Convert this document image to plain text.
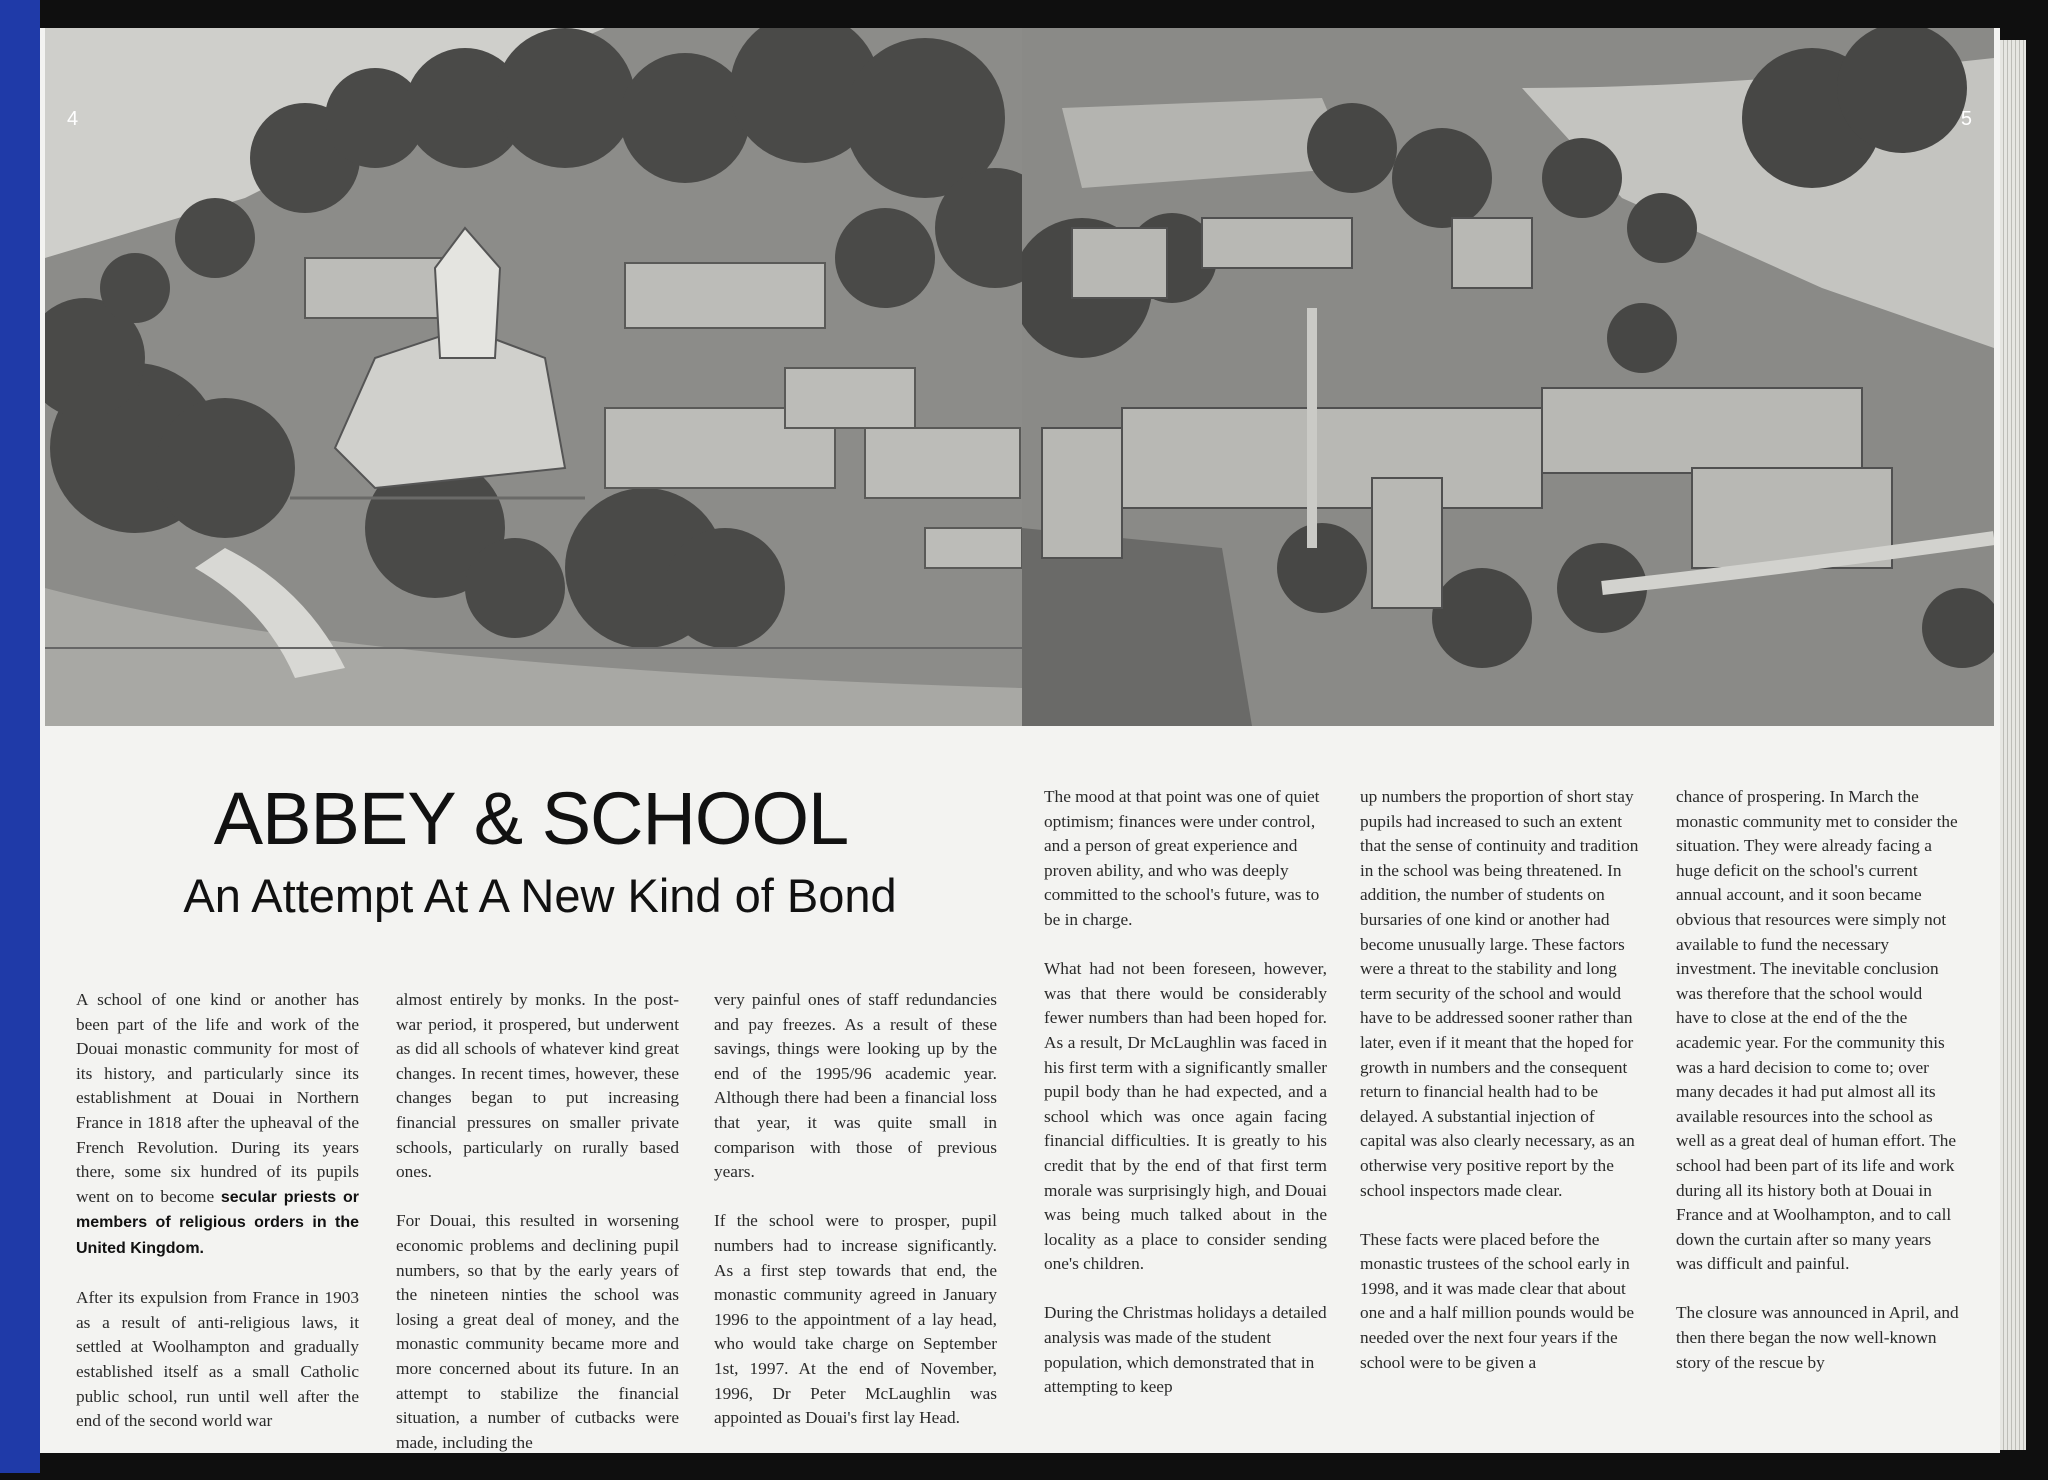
4
ABBEY & SCHOOL
An Attempt At A New Kind of Bond

A school of one kind or another has been part of the life and work of the Douai monastic community for most of its history, and particularly since its establishment at Douai in Northern France in 1818 after the upheaval of the French Revolution. During its years there, some six hundred of its pupils went on to become secular priests or members of religious orders in the United Kingdom.

After its expulsion from France in 1903 as a result of anti-religious laws, it settled at Woolhampton and gradually established itself as a small Catholic public school, run until well after the end of the second world war

almost entirely by monks. In the post-war period, it prospered, but underwent as did all schools of whatever kind great changes. In recent times, however, these changes began to put increasing financial pressures on smaller private schools, particularly on rurally based ones.

For Douai, this resulted in worsening economic problems and declining pupil numbers, so that by the early years of the nineteen ninties the school was losing a great deal of money, and the monastic community became more and more concerned about its future. In an attempt to stabilize the financial situation, a number of cutbacks were made, including the

very painful ones of staff redundancies and pay freezes. As a result of these savings, things were looking up by the end of the 1995/96 academic year. Although there had been a financial loss that year, it was quite small in comparison with those of previous years.

If the school were to prosper, pupil numbers had to increase significantly. As a first step towards that end, the monastic community agreed in January 1996 to the appointment of a lay head, who would take charge on September 1st, 1997. At the end of November, 1996, Dr Peter McLaughlin was appointed as Douai's first lay Head.

5

The mood at that point was one of quiet optimism; finances were under control, and a person of great experience and proven ability, and who was deeply committed to the school's future, was to be in charge.

What had not been foreseen, however, was that there would be considerably fewer numbers than had been hoped for. As a result, Dr McLaughlin was faced in his first term with a significantly smaller pupil body than he had expected, and a school which was once again facing financial difficulties. It is greatly to his credit that by the end of that first term morale was surprisingly high, and Douai was being much talked about in the locality as a place to consider sending one's children.

During the Christmas holidays a detailed analysis was made of the student population, which demonstrated that in attempting to keep

up numbers the proportion of short stay pupils had increased to such an extent that the sense of continuity and tradition in the school was being threatened. In addition, the number of students on bursaries of one kind or another had become unusually large. These factors were a threat to the stability and long term security of the school and would have to be addressed sooner rather than later, even if it meant that the hoped for growth in numbers and the consequent return to financial health had to be delayed. A substantial injection of capital was also clearly necessary, as an otherwise very positive report by the school inspectors made clear.

These facts were placed before the monastic trustees of the school early in 1998, and it was made clear that about one and a half million pounds would be needed over the next four years if the school were to be given a

chance of prospering. In March the monastic community met to consider the situation. They were already facing a huge deficit on the school's current annual account, and it soon became obvious that resources were simply not available to fund the necessary investment. The inevitable conclusion was therefore that the school would have to close at the end of the the academic year. For the community this was a hard decision to come to; over many decades it had put almost all its available resources into the school as well as a great deal of human effort. The school had been part of its life and work during all its history both at Douai in France and at Woolhampton, and to call down the curtain after so many years was difficult and painful.

The closure was announced in April, and then there began the now well-known story of the rescue by
